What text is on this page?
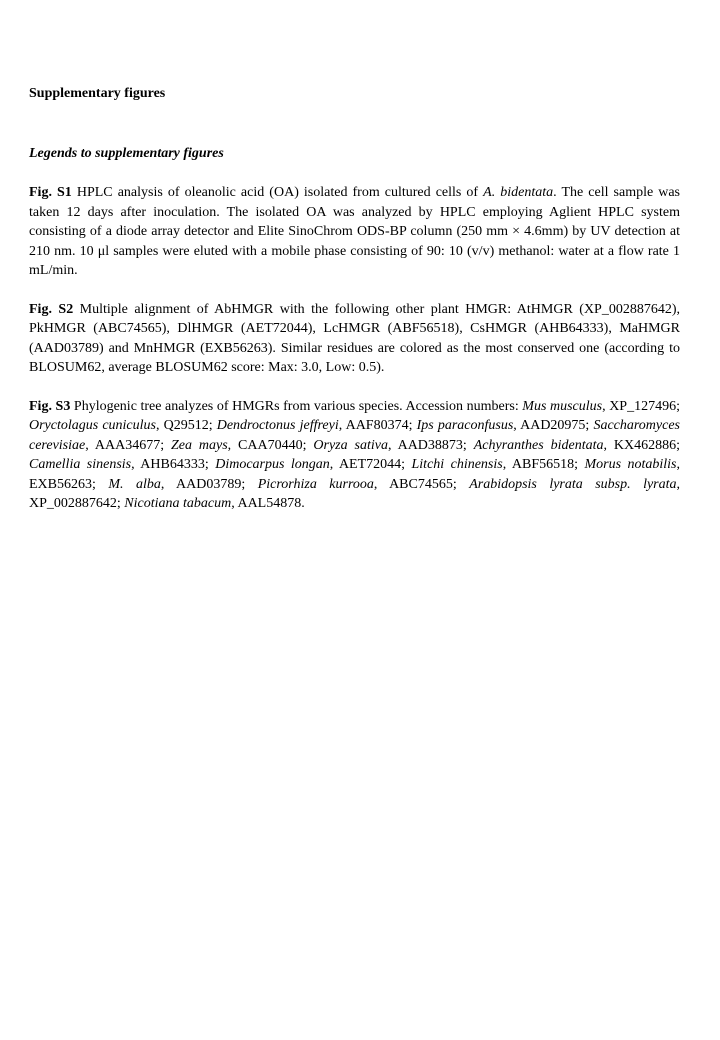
Supplementary figures

Legends to supplementary figures

Fig. S1 HPLC analysis of oleanolic acid (OA) isolated from cultured cells of A. bidentata. The cell sample was taken 12 days after inoculation. The isolated OA was analyzed by HPLC employing Aglient HPLC system consisting of a diode array detector and Elite SinoChrom ODS-BP column (250 mm × 4.6mm) by UV detection at 210 nm. 10 μl samples were eluted with a mobile phase consisting of 90: 10 (v/v) methanol: water at a flow rate 1 mL/min.

Fig. S2 Multiple alignment of AbHMGR with the following other plant HMGR: AtHMGR (XP_002887642), PkHMGR (ABC74565), DlHMGR (AET72044), LcHMGR (ABF56518), CsHMGR (AHB64333), MaHMGR (AAD03789) and MnHMGR (EXB56263). Similar residues are colored as the most conserved one (according to BLOSUM62, average BLOSUM62 score: Max: 3.0, Low: 0.5).

Fig. S3 Phylogenic tree analyzes of HMGRs from various species. Accession numbers: Mus musculus, XP_127496; Oryctolagus cuniculus, Q29512; Dendroctonus jeffreyi, AAF80374; Ips paraconfusus, AAD20975; Saccharomyces cerevisiae, AAA34677; Zea mays, CAA70440; Oryza sativa, AAD38873; Achyranthes bidentata, KX462886; Camellia sinensis, AHB64333; Dimocarpus longan, AET72044; Litchi chinensis, ABF56518; Morus notabilis, EXB56263; M. alba, AAD03789; Picrorhiza kurrooa, ABC74565; Arabidopsis lyrata subsp. lyrata, XP_002887642; Nicotiana tabacum, AAL54878.
